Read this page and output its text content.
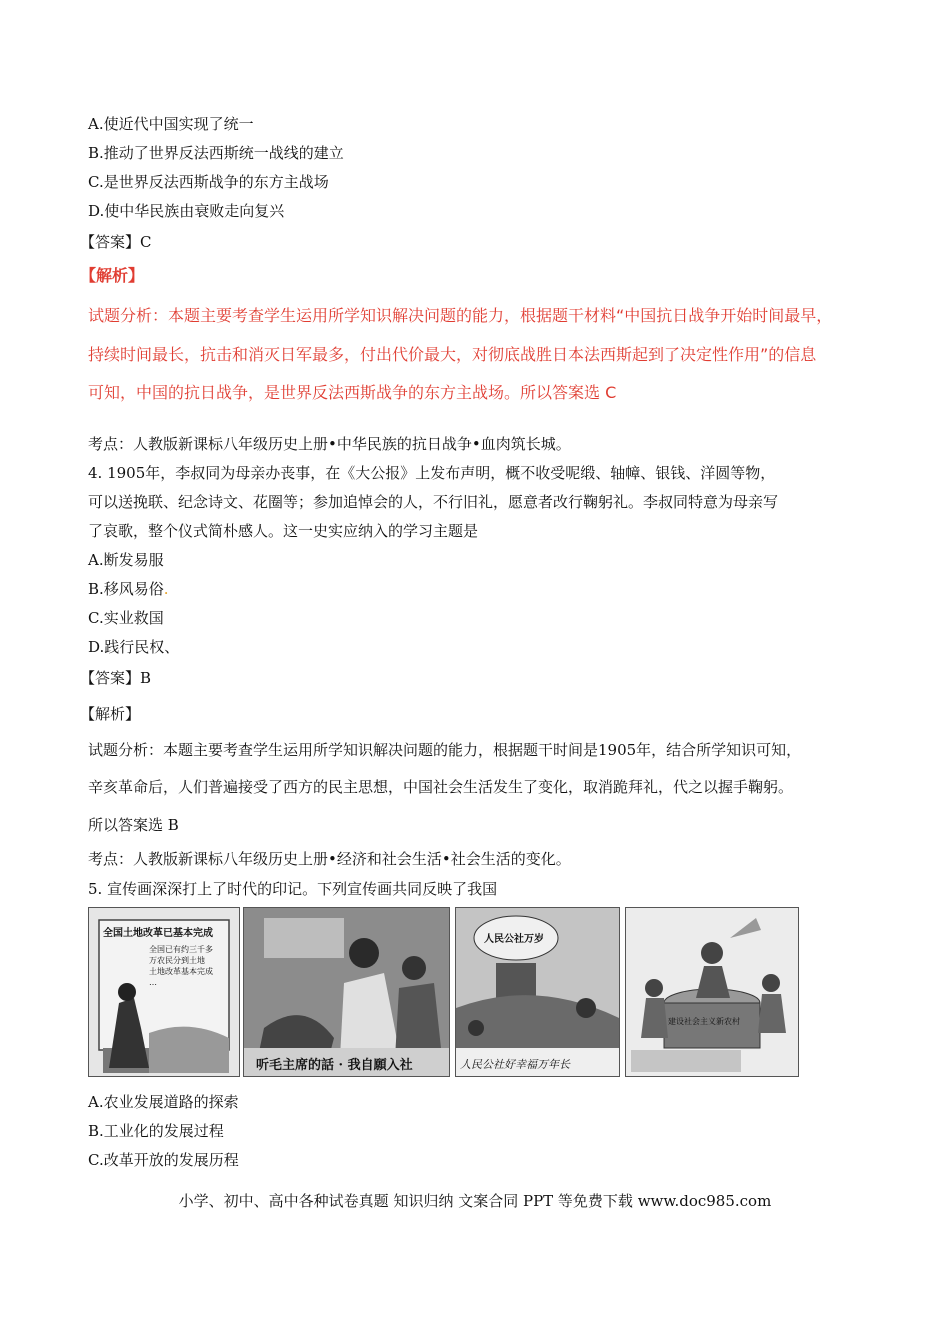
A.使近代中国实现了统一
B.推动了世界反法西斯统一战线的建立
C.是世界反法西斯战争的东方主战场
D.使中华民族由衰败走向复兴
【答案】C
【解析】
试题分析：本题主要考查学生运用所学知识解决问题的能力，根据题干材料“中国抗日战争开始时间最早，
持续时间最长，抗击和消灭日军最多，付出代价最大，对彻底战胜日本法西斯起到了决定性作用”的信息
可知，中国的抗日战争，是世界反法西斯战争的东方主战场。所以答案选 C
考点：人教版新课标八年级历史上册•中华民族的抗日战争•血肉筑长城。
4. 1905年，李叔同为母亲办丧事，在《大公报》上发布声明，概不收受呢缎、轴幛、银钱、洋圆等物，
可以送挽联、纪念诗文、花圈等；参加追悼会的人，不行旧礼，愿意者改行鞠躬礼。李叔同特意为母亲写
了哀歌，整个仪式简朴感人。这一史实应纳入的学习主题是
A.断发易服
B.移风易俗.
C.实业救国
D.践行民权、
【答案】B
【解析】
试题分析：本题主要考查学生运用所学知识解决问题的能力，根据题干时间是1905年，结合所学知识可知，
辛亥革命后，人们普遍接受了西方的民主思想，中国社会生活发生了变化，取消跪拜礼，代之以握手鞠躬。
所以答案选 B
考点：人教版新课标八年级历史上册•经济和社会生活•社会生活的变化。
5. 宣传画深深打上了时代的印记。下列宣传画共同反映了我国
全国土地改革已基本完成
全国已有约三千多
万农民分到土地
土地改革基本完成
…
听毛主席的話 · 我自願入社
人民公社万岁
人民公社好幸福万年长
建设社会主义新农村
A.农业发展道路的探索
B.工业化的发展过程
C.改革开放的发展历程
小学、初中、高中各种试卷真题 知识归纳 文案合同 PPT 等免费下载 www.doc985.com
